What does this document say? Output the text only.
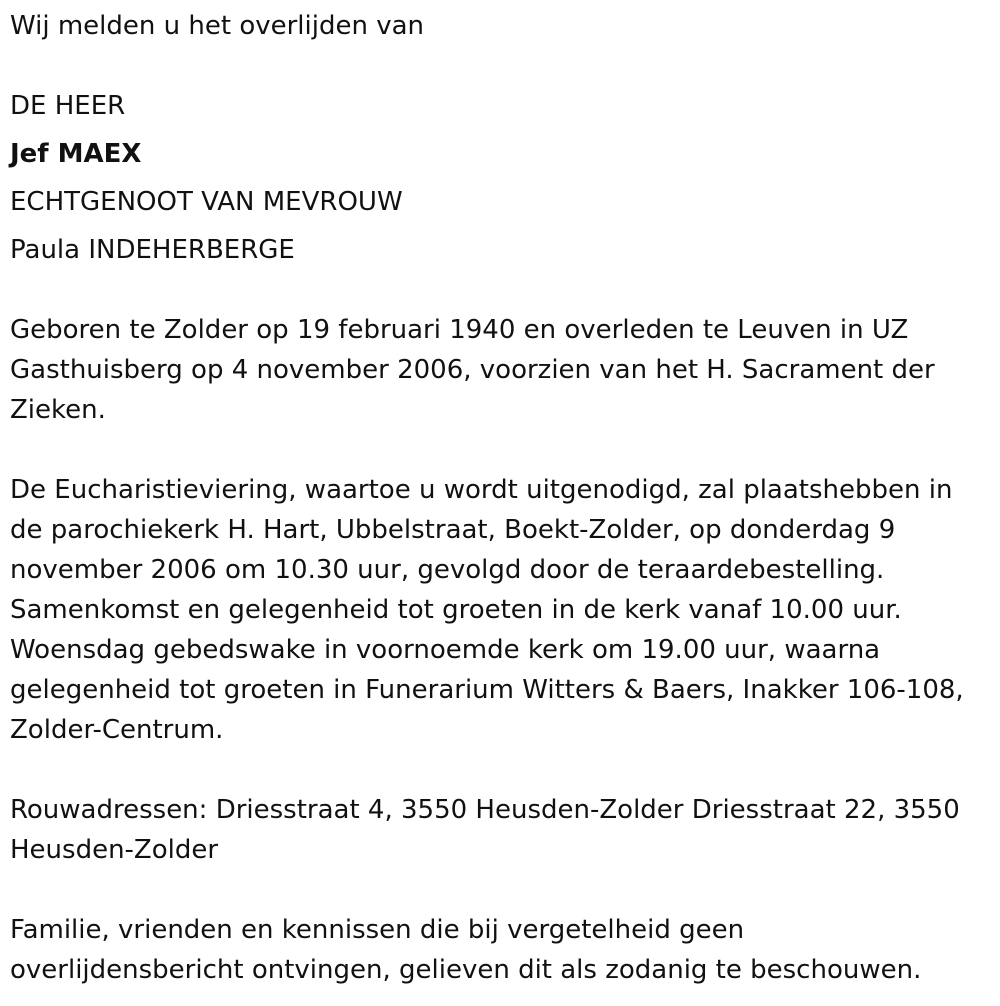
Wij melden u het overlijden van

DE HEER

Jef MAEX

ECHTGENOOT VAN MEVROUW

Paula INDEHERBERGE

Geboren te Zolder op 19 februari 1940 en overleden te Leuven in UZ
Gasthuisberg op 4 november 2006, voorzien van het H. Sacrament der
Zieken.

De Eucharistieviering, waartoe u wordt uitgenodigd, zal plaatshebben in
de parochiekerk H. Hart, Ubbelstraat, Boekt-Zolder, op donderdag 9
november 2006 om 10.30 uur, gevolgd door de teraardebestelling.
Samenkomst en gelegenheid tot groeten in de kerk vanaf 10.00 uur.
Woensdag gebedswake in voornoemde kerk om 19.00 uur, waarna
gelegenheid tot groeten in Funerarium Witters & Baers, Inakker 106-108,
Zolder-Centrum.

Rouwadressen: Driesstraat 4, 3550 Heusden-Zolder Driesstraat 22, 3550
Heusden-Zolder

Familie, vrienden en kennissen die bij vergetelheid geen
overlijdensbericht ontvingen, gelieven dit als zodanig te beschouwen.
